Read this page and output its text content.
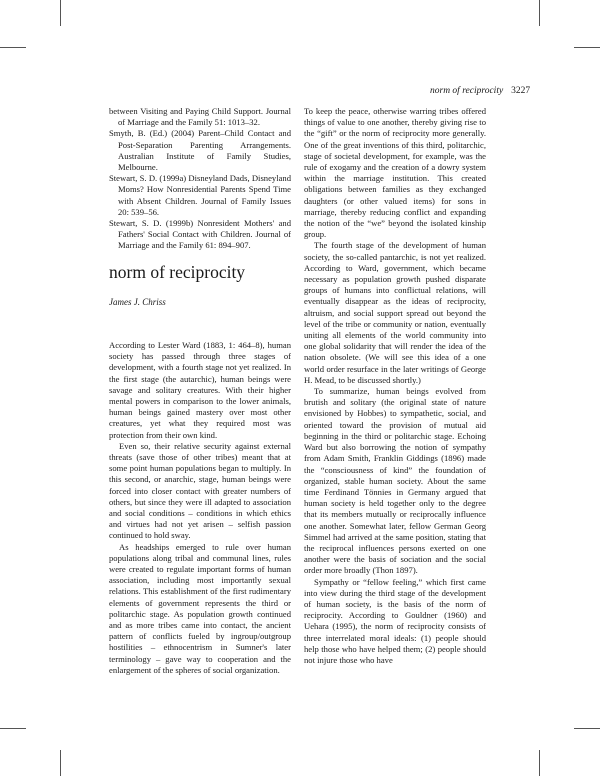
norm of reciprocity 3227

between Visiting and Paying Child Support. Journal of Marriage and the Family 51: 1013–32.

Smyth, B. (Ed.) (2004) Parent–Child Contact and Post-Separation Parenting Arrangements. Australian Institute of Family Studies, Melbourne.

Stewart, S. D. (1999a) Disneyland Dads, Disneyland Moms? How Nonresidential Parents Spend Time with Absent Children. Journal of Family Issues 20: 539–56.

Stewart, S. D. (1999b) Nonresident Mothers' and Fathers' Social Contact with Children. Journal of Marriage and the Family 61: 894–907.

norm of reciprocity
James J. Chriss

According to Lester Ward (1883, 1: 464–8), human society has passed through three stages of development, with a fourth stage not yet realized. In the first stage (the autarchic), human beings were savage and solitary creatures. With their higher mental powers in comparison to the lower animals, human beings gained mastery over most other creatures, yet what they required most was protection from their own kind.

Even so, their relative security against external threats (save those of other tribes) meant that at some point human populations began to multiply. In this second, or anarchic, stage, human beings were forced into closer contact with greater numbers of others, but since they were ill adapted to association and social conditions – conditions in which ethics and virtues had not yet arisen – selfish passion continued to hold sway.

As headships emerged to rule over human populations along tribal and communal lines, rules were created to regulate important forms of human association, including most importantly sexual relations. This establishment of the first rudimentary elements of government represents the third or politarchic stage. As population growth continued and as more tribes came into contact, the ancient pattern of conflicts fueled by ingroup/outgroup hostilities – ethnocentrism in Sumner's later terminology – gave way to cooperation and the enlargement of the spheres of social organization.

To keep the peace, otherwise warring tribes offered things of value to one another, thereby giving rise to the “gift” or the norm of reciprocity more generally. One of the great inventions of this third, politarchic, stage of societal development, for example, was the rule of exogamy and the creation of a dowry system within the marriage institution. This created obligations between families as they exchanged daughters (or other valued items) for sons in marriage, thereby reducing conflict and expanding the notion of the “we” beyond the isolated kinship group.

The fourth stage of the development of human society, the so-called pantarchic, is not yet realized. According to Ward, government, which became necessary as population growth pushed disparate groups of humans into conflictual relations, will eventually disappear as the ideas of reciprocity, altruism, and social support spread out beyond the level of the tribe or community or nation, eventually uniting all elements of the world community into one global solidarity that will render the idea of the nation obsolete. (We will see this idea of a one world order resurface in the later writings of George H. Mead, to be discussed shortly.)

To summarize, human beings evolved from brutish and solitary (the original state of nature envisioned by Hobbes) to sympathetic, social, and oriented toward the provision of mutual aid beginning in the third or politarchic stage. Echoing Ward but also borrowing the notion of sympathy from Adam Smith, Franklin Giddings (1896) made the “consciousness of kind” the foundation of organized, stable human society. About the same time Ferdinand Tönnies in Germany argued that human society is held together only to the degree that its members mutually or reciprocally influence one another. Somewhat later, fellow German Georg Simmel had arrived at the same position, stating that the reciprocal influences persons exerted on one another were the basis of sociation and the social order more broadly (Thon 1897).

Sympathy or “fellow feeling,” which first came into view during the third stage of the development of human society, is the basis of the norm of reciprocity. According to Gouldner (1960) and Uehara (1995), the norm of reciprocity consists of three interrelated moral ideals: (1) people should help those who have helped them; (2) people should not injure those who have
